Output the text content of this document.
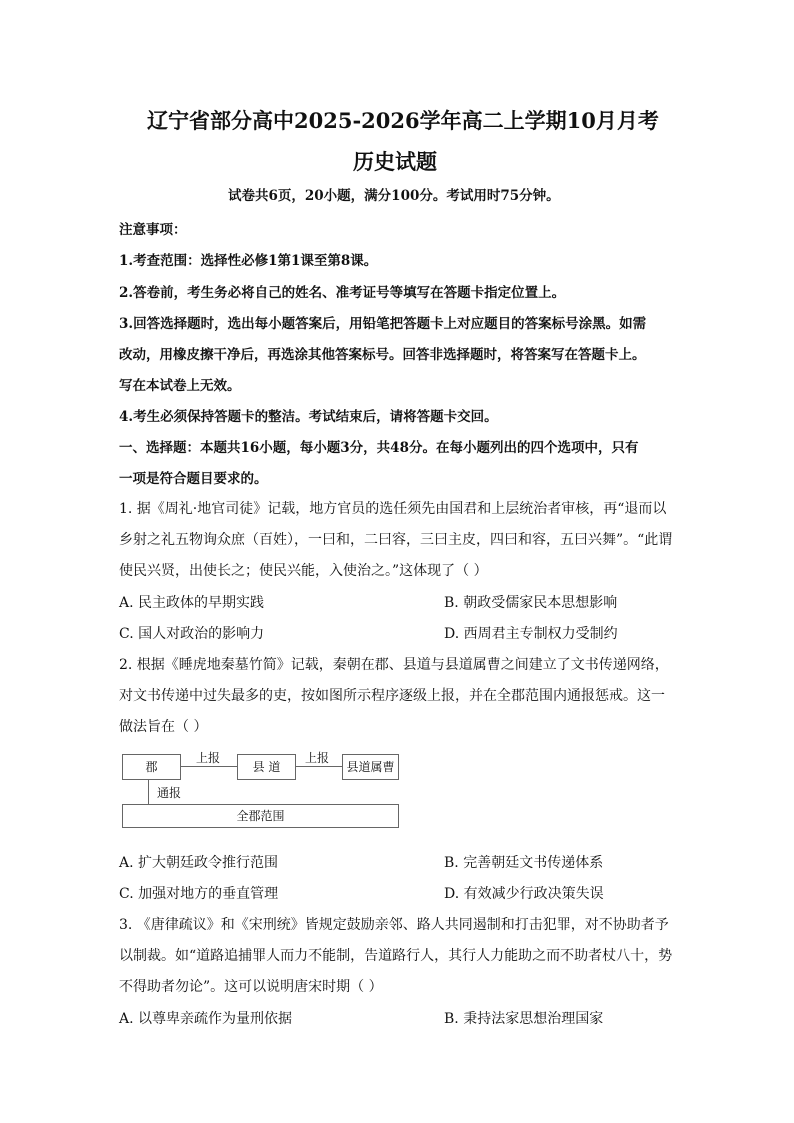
辽宁省部分高中2025-2026学年高二上学期10月月考
历史试题
试卷共6页，20小题，满分100分。考试用时75分钟。
注意事项：
1.考查范围：选择性必修1第1课至第8课。
2.答卷前，考生务必将自己的姓名、准考证号等填写在答题卡指定位置上。
3.回答选择题时，选出每小题答案后，用铅笔把答题卡上对应题目的答案标号涂黑。如需
改动，用橡皮擦干净后，再选涂其他答案标号。回答非选择题时，将答案写在答题卡上。
写在本试卷上无效。
4.考生必须保持答题卡的整洁。考试结束后，请将答题卡交回。
一、选择题：本题共16小题，每小题3分，共48分。在每小题列出的四个选项中，只有
一项是符合题目要求的。
1. 据《周礼·地官司徒》记载，地方官员的选任须先由国君和上层统治者审核，再“退而以
乡射之礼五物询众庶（百姓），一曰和，二曰容，三曰主皮，四曰和容，五曰兴舞”。“此谓
使民兴贤，出使长之；使民兴能，入使治之。”这体现了（ ）
A. 民主政体的早期实践	B. 朝政受儒家民本思想影响
C. 国人对政治的影响力	D. 西周君主专制权力受制约
2. 根据《睡虎地秦墓竹简》记载，秦朝在郡、县道与县道属曹之间建立了文书传递网络，
对文书传递中过失最多的吏，按如图所示程序逐级上报，并在全郡范围内通报惩戒。这一
做法旨在（ ）
郡
上报
县 道
上报
县道属曹
通报
全郡范围
A. 扩大朝廷政令推行范围	B. 完善朝廷文书传递体系
C. 加强对地方的垂直管理	D. 有效减少行政决策失误
3. 《唐律疏议》和《宋刑统》皆规定鼓励亲邻、路人共同遏制和打击犯罪，对不协助者予
以制裁。如“道路追捕罪人而力不能制，告道路行人，其行人力能助之而不助者杖八十，势
不得助者勿论”。这可以说明唐宋时期（ ）
A. 以尊卑亲疏作为量刑依据	B. 秉持法家思想治理国家
